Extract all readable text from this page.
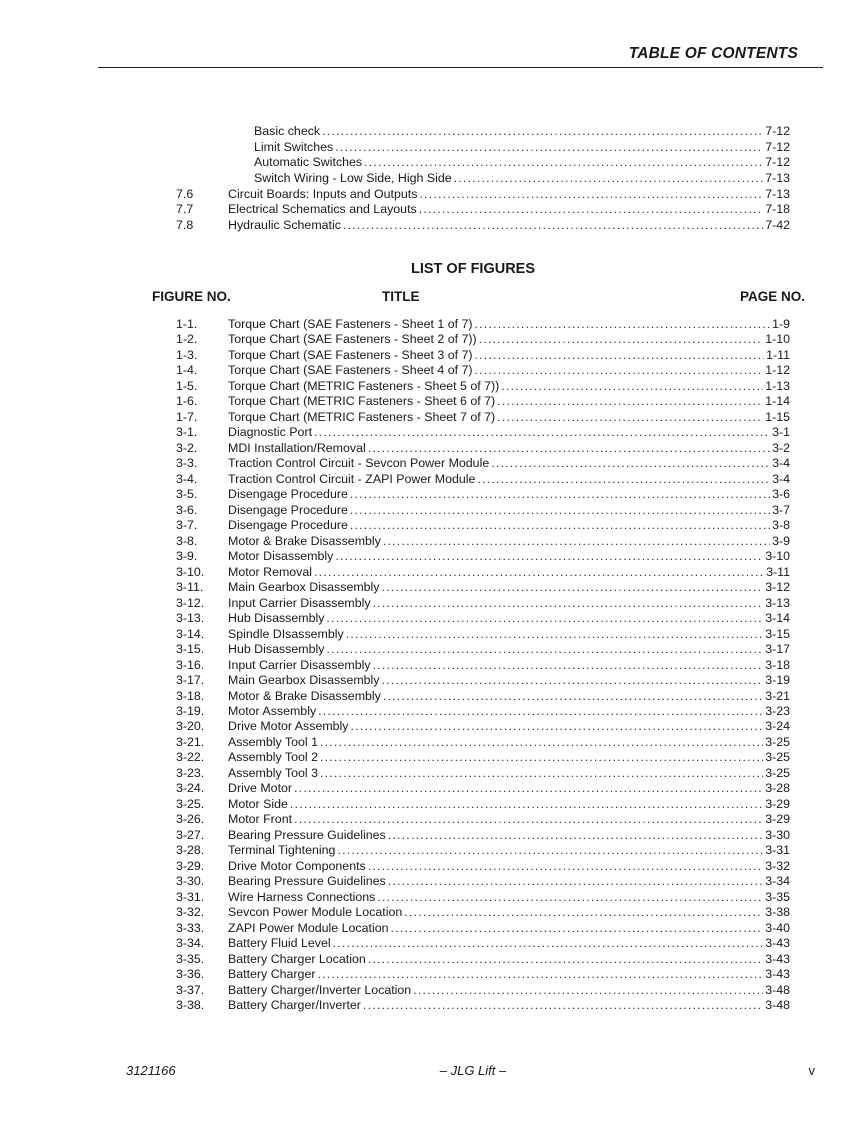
TABLE OF CONTENTS
Basic check .....	7-12
Limit Switches .....	7-12
Automatic Switches .....	7-12
Switch Wiring - Low Side, High Side .....	7-13
7.6	Circuit Boards: Inputs and Outputs .....	7-13
7.7	Electrical Schematics and Layouts .....	7-18
7.8	Hydraulic Schematic .....	7-42
LIST OF FIGURES
FIGURE NO.	TITLE	PAGE NO.
1-1.	Torque Chart (SAE Fasteners - Sheet 1 of 7) .....	1-9
1-2.	Torque Chart (SAE Fasteners - Sheet 2 of 7)) .....	1-10
1-3.	Torque Chart (SAE Fasteners - Sheet 3 of 7) .....	1-11
1-4.	Torque Chart (SAE Fasteners - Sheet 4 of 7) .....	1-12
1-5.	Torque Chart (METRIC Fasteners - Sheet 5 of 7)) .....	1-13
1-6.	Torque Chart (METRIC Fasteners - Sheet 6 of 7) .....	1-14
1-7.	Torque Chart (METRIC Fasteners - Sheet 7 of 7) .....	1-15
3-1.	Diagnostic Port .....	3-1
3-2.	MDI Installation/Removal .....	3-2
3-3.	Traction Control Circuit - Sevcon Power Module .....	3-4
3-4.	Traction Control Circuit - ZAPI Power Module .....	3-4
3-5.	Disengage Procedure .....	3-6
3-6.	Disengage Procedure .....	3-7
3-7.	Disengage Procedure .....	3-8
3-8.	Motor & Brake Disassembly .....	3-9
3-9.	Motor Disassembly .....	3-10
3-10.	Motor Removal .....	3-11
3-11.	Main Gearbox Disassembly .....	3-12
3-12.	Input Carrier Disassembly .....	3-13
3-13.	Hub Disassembly .....	3-14
3-14.	Spindle DIsassembly .....	3-15
3-15.	Hub Disassembly .....	3-17
3-16.	Input Carrier Disassembly .....	3-18
3-17.	Main Gearbox Disassembly .....	3-19
3-18.	Motor & Brake Disassembly .....	3-21
3-19.	Motor Assembly .....	3-23
3-20.	Drive Motor Assembly .....	3-24
3-21.	Assembly Tool 1 .....	3-25
3-22.	Assembly Tool 2 .....	3-25
3-23.	Assembly Tool 3 .....	3-25
3-24.	Drive Motor .....	3-28
3-25.	Motor Side .....	3-29
3-26.	Motor Front .....	3-29
3-27.	Bearing Pressure Guidelines .....	3-30
3-28.	Terminal Tightening .....	3-31
3-29.	Drive Motor Components .....	3-32
3-30.	Bearing Pressure Guidelines .....	3-34
3-31.	Wire Harness Connections .....	3-35
3-32.	Sevcon Power Module Location .....	3-38
3-33.	ZAPI Power Module Location .....	3-40
3-34.	Battery Fluid Level .....	3-43
3-35.	Battery Charger Location .....	3-43
3-36.	Battery Charger .....	3-43
3-37.	Battery Charger/Inverter Location .....	3-48
3-38.	Battery Charger/Inverter .....	3-48
3121166	– JLG Lift –	v
